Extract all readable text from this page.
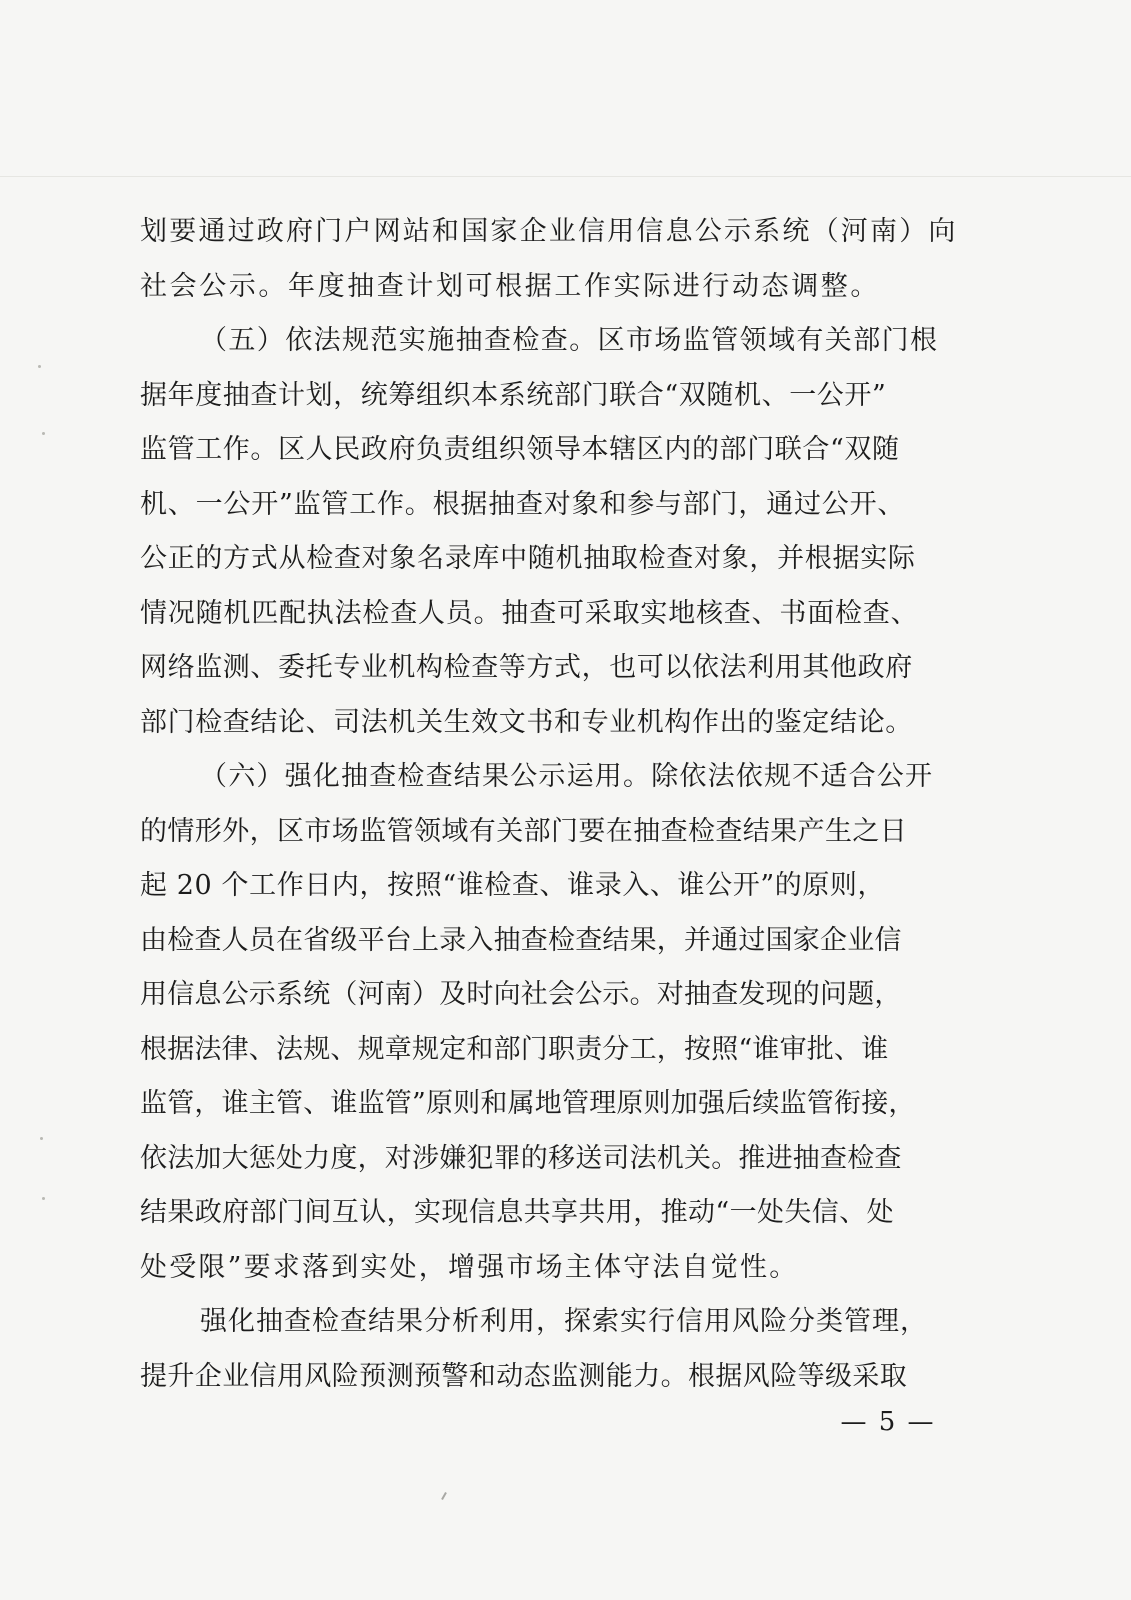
划要通过政府门户网站和国家企业信用信息公示系统（河南）向
社会公示。年度抽查计划可根据工作实际进行动态调整。
（五）依法规范实施抽查检查。区市场监管领域有关部门根
据年度抽查计划，统筹组织本系统部门联合“双随机、一公开”
监管工作。区人民政府负责组织领导本辖区内的部门联合“双随
机、一公开”监管工作。根据抽查对象和参与部门，通过公开、
公正的方式从检查对象名录库中随机抽取检查对象，并根据实际
情况随机匹配执法检查人员。抽查可采取实地核查、书面检查、
网络监测、委托专业机构检查等方式，也可以依法利用其他政府
部门检查结论、司法机关生效文书和专业机构作出的鉴定结论。
（六）强化抽查检查结果公示运用。除依法依规不适合公开
的情形外，区市场监管领域有关部门要在抽查检查结果产生之日
起 20 个工作日内，按照“谁检查、谁录入、谁公开”的原则，
由检查人员在省级平台上录入抽查检查结果，并通过国家企业信
用信息公示系统（河南）及时向社会公示。对抽查发现的问题，
根据法律、法规、规章规定和部门职责分工，按照“谁审批、谁
监管，谁主管、谁监管”原则和属地管理原则加强后续监管衔接，
依法加大惩处力度，对涉嫌犯罪的移送司法机关。推进抽查检查
结果政府部门间互认，实现信息共享共用，推动“一处失信、处
处受限”要求落到实处，增强市场主体守法自觉性。
强化抽查检查结果分析利用，探索实行信用风险分类管理，
提升企业信用风险预测预警和动态监测能力。根据风险等级采取
— 5 —
